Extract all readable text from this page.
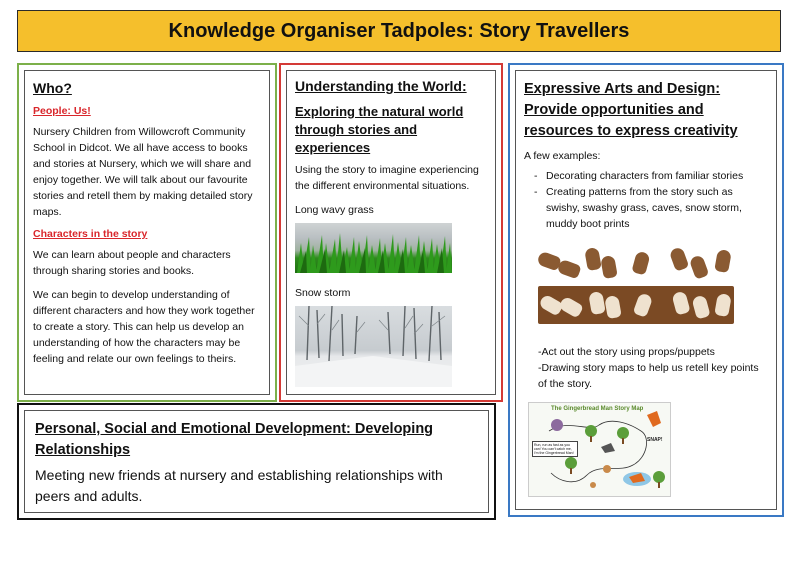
Knowledge Organiser Tadpoles: Story Travellers

Who?

People: Us!

Nursery Children from Willowcroft Community School in Didcot. We all have access to books and stories at Nursery, which we will share and enjoy together. We will talk about our favourite stories and retell them by making detailed story maps.

Characters in the story

We can learn about people and characters through sharing stories and books.

We can begin to develop understanding of different characters and how they work together to create a story. This can help us develop an understanding of how the characters may be feeling and relate our own feelings to theirs.

Understanding the World:

Exploring the natural world through stories and experiences

Using the story to imagine experiencing the different environmental situations.

Long wavy grass

Snow storm

Expressive Arts and Design: Provide opportunities and resources to express creativity

A few examples:

- Decorating characters from familiar stories
- Creating patterns from the story such as swishy, swashy grass, caves, snow storm, muddy boot prints

-Act out the story using props/puppets

-Drawing story maps to help us retell key points of the story.

The Gingerbread Man Story Map
Run, run as fast as you can! You can't catch me, I'm the Gingerbread Man!
SNAP!

Personal, Social and Emotional Development: Developing Relationships

Meeting new friends at nursery and establishing relationships with peers and adults.
